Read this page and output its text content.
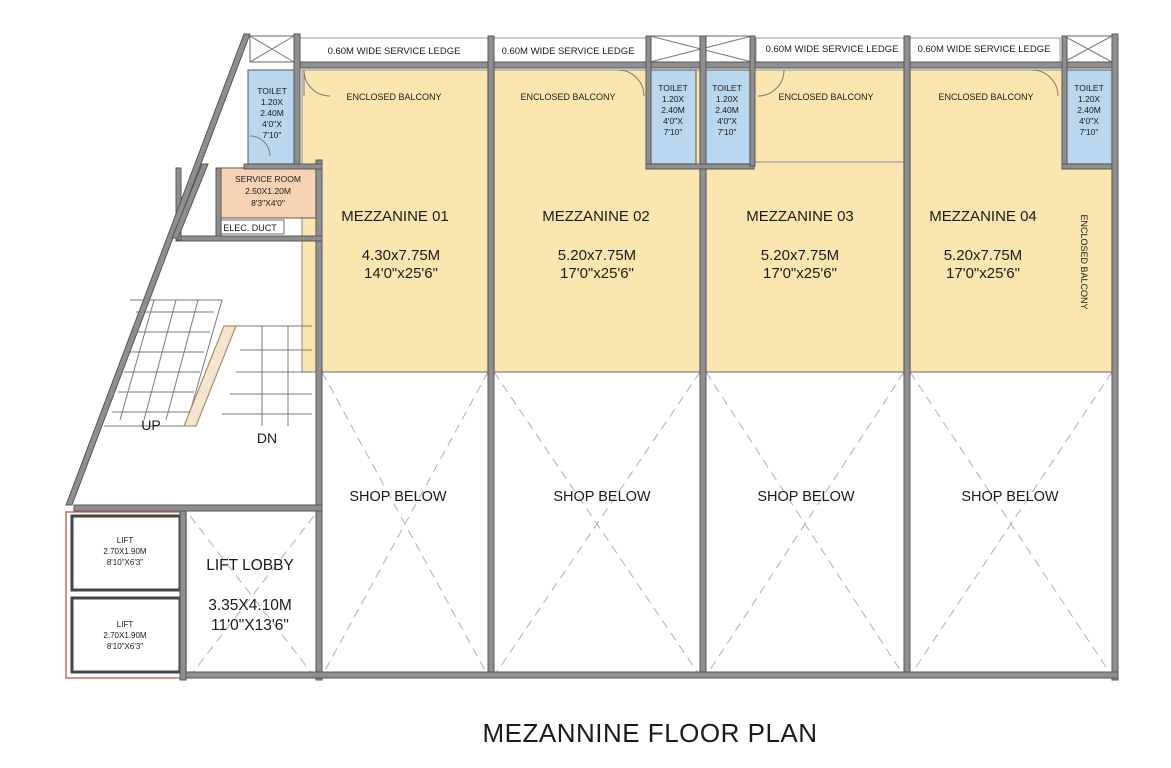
0.60M WIDE SERVICE LEDGE	0.60M WIDE SERVICE LEDGE	0.60M WIDE SERVICE LEDGE 0.60M WIDE SERVICE LEDGE
ENCLOSED BALCONY	ENCLOSED BALCONY	ENCLOSED BALCONY	ENCLOSED BALCONY
ENCLOSED BALCONY
TOILET
1.20X
2.40M
4'0"X
7'10"
TOILET
1.20X
2.40M
4'0"X
7'10"
TOILET
1.20X
2.40M
4'0"X
7'10"
TOILET
1.20X
2.40M
4'0"X
7'10"
SERVICE ROOM
2.50X1.20M
8'3"X4'0"
ELEC. DUCT
MEZZANINE 01
4.30x7.75M
14'0"x25'6"
MEZZANINE 02
5.20x7.75M
17'0"x25'6"
MEZZANINE 03
5.20x7.75M
17'0"x25'6"
MEZZANINE 04
5.20x7.75M
17'0"x25'6"
SHOP BELOW	SHOP BELOW	SHOP BELOW	SHOP BELOW
UP
DN
LIFT
2.70X1.90M
8'10"X6'3"
LIFT
2.70X1.90M
8'10"X6'3"
LIFT LOBBY
3.35X4.10M
11'0"X13'6"
MEZANNINE FLOOR PLAN
